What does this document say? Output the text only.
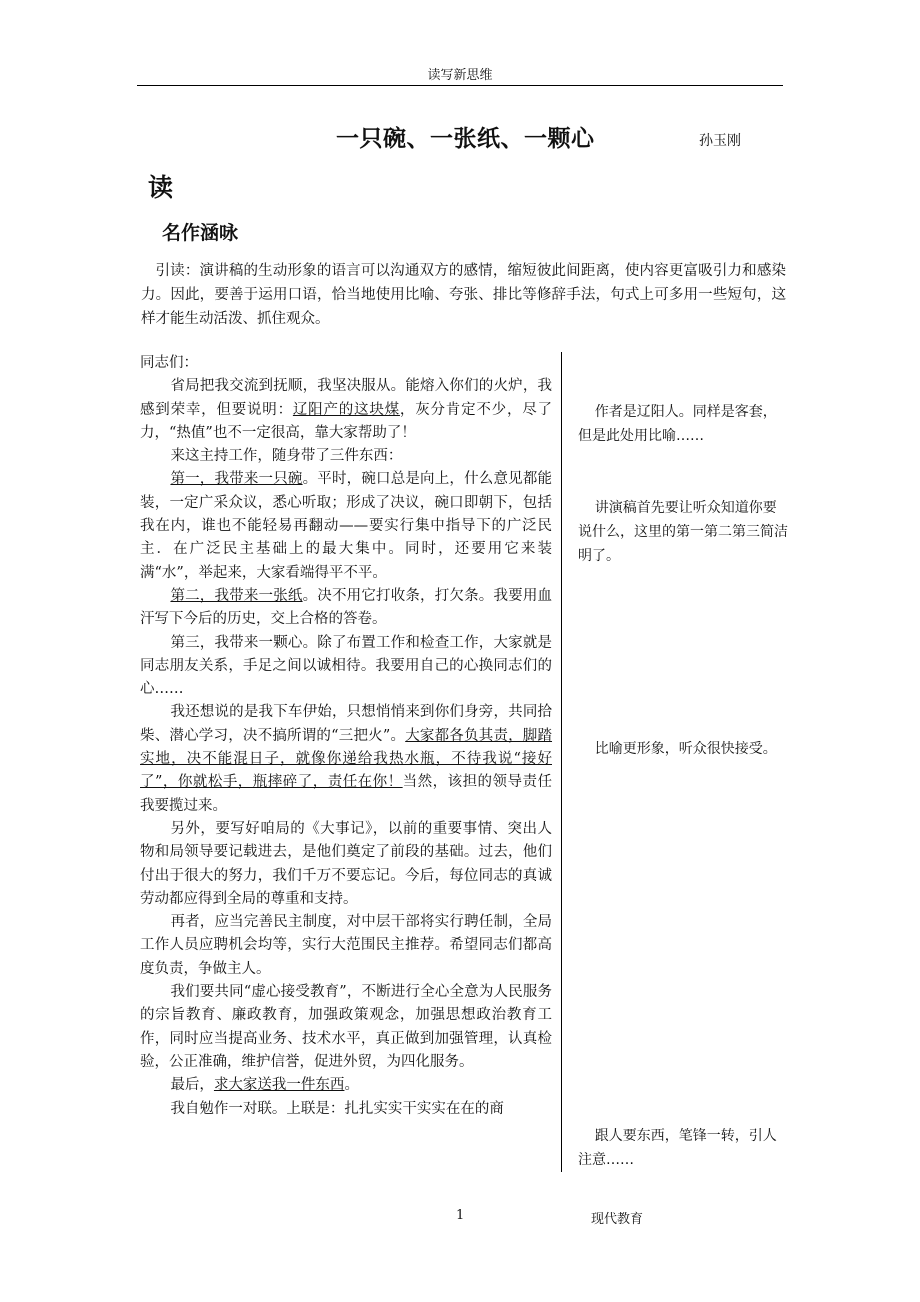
读写新思维
一只碗、一张纸、一颗心	孙玉刚
读
名作涵咏
引读：演讲稿的生动形象的语言可以沟通双方的感情，缩短彼此间距离，使内容更富吸引力和感染力。因此，要善于运用口语，恰当地使用比喻、夸张、排比等修辞手法，句式上可多用一些短句，这样才能生动活泼、抓住观众。

同志们：

省局把我交流到抚顺，我坚决服从。能熔入你们的火炉，我感到荣幸，但要说明：辽阳产的这块煤，灰分肯定不少，尽了力，“热值”也不一定很高，靠大家帮助了！

来这主持工作，随身带了三件东西：

第一，我带来一只碗。平时，碗口总是向上，什么意见都能装，一定广采众议，悉心听取；形成了决议，碗口即朝下，包括我在内，谁也不能轻易再翻动——要实行集中指导下的广泛民主．在广泛民主基础上的最大集中。同时，还要用它来装满“水”，举起来，大家看端得平不平。

第二，我带来一张纸。决不用它打收条，打欠条。我要用血汗写下今后的历史，交上合格的答卷。

第三，我带来一颗心。除了布置工作和检查工作，大家就是同志朋友关系，手足之间以诚相待。我要用自己的心换同志们的心……

我还想说的是我下车伊始，只想悄悄来到你们身旁，共同拾柴、潜心学习，决不搞所谓的“三把火”。大家都各负其责，脚踏实地，决不能混日子，就像你递给我热水瓶，不待我说“接好了”，你就松手，瓶摔碎了，责任在你！当然，该担的领导责任我要揽过来。

另外，要写好咱局的《大事记》，以前的重要事情、突出人物和局领导要记载进去，是他们奠定了前段的基础。过去，他们付出于很大的努力，我们千万不要忘记。今后，每位同志的真诚劳动都应得到全局的尊重和支持。

再者，应当完善民主制度，对中层干部将实行聘任制，全局工作人员应聘机会均等，实行大范围民主推荐。希望同志们都高度负责，争做主人。

我们要共同“虚心接受教育”，不断进行全心全意为人民服务的宗旨教育、廉政教育，加强政策观念，加强思想政治教育工作，同时应当提高业务、技术水平，真正做到加强管理，认真检验，公正准确，维护信誉，促进外贸，为四化服务。

最后，求大家送我一件东西。

我自勉作一对联。上联是：扎扎实实干实实在在的商

作者是辽阳人。同样是客套，但是此处用比喻……
讲演稿首先要让听众知道你要说什么，这里的第一第二第三简洁明了。
比喻更形象，听众很快接受。
跟人要东西，笔锋一转，引人注意……
1	现代教育
